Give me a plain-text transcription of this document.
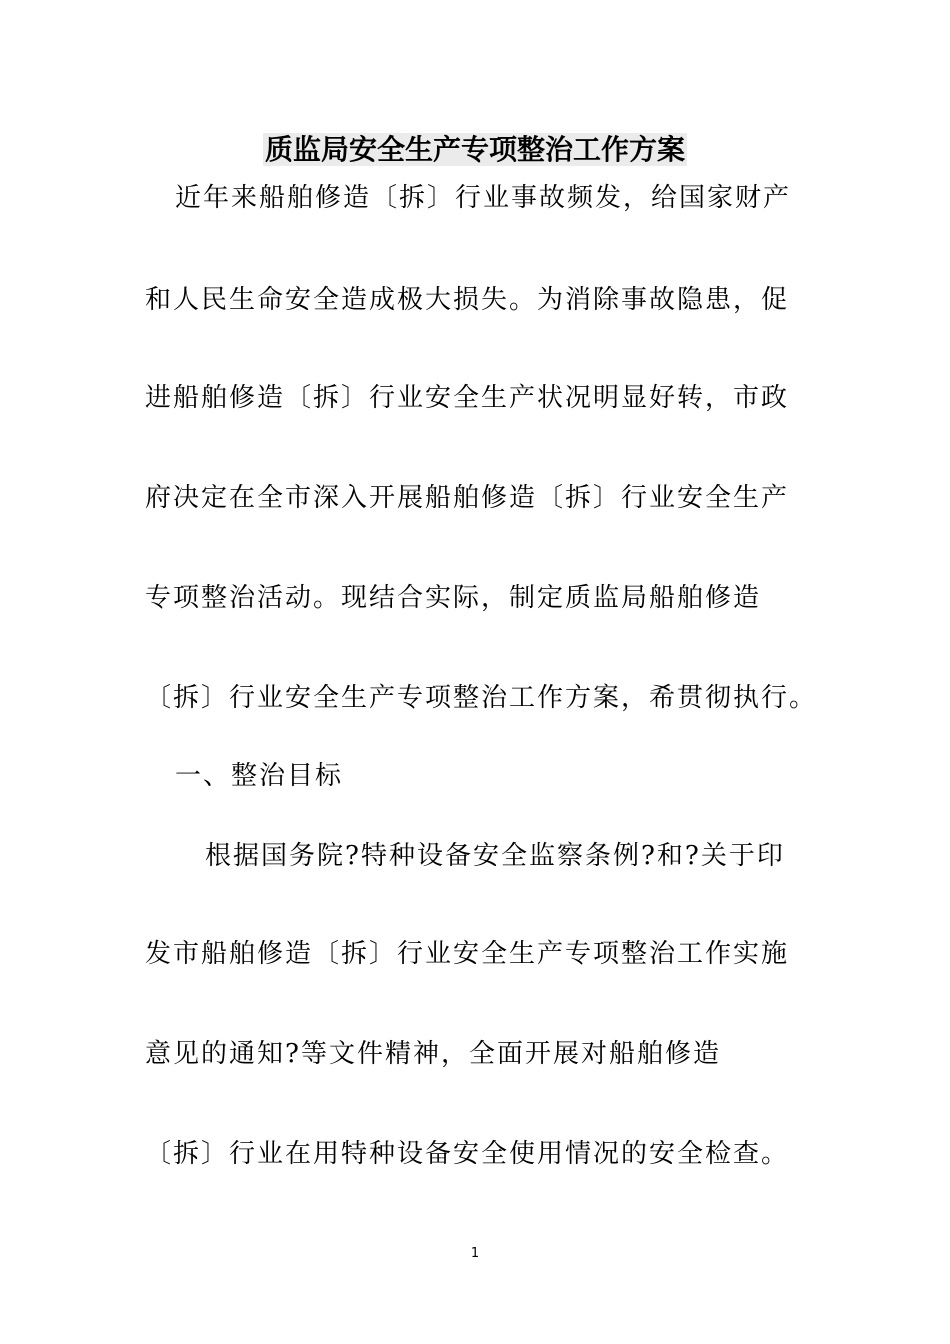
质监局安全生产专项整治工作方案
近年来船舶修造〔拆〕行业事故频发，给国家财产
和人民生命安全造成极大损失。为消除事故隐患，促
进船舶修造〔拆〕行业安全生产状况明显好转，市政
府决定在全市深入开展船舶修造〔拆〕行业安全生产
专项整治活动。现结合实际，制定质监局船舶修造
〔拆〕行业安全生产专项整治工作方案，希贯彻执行。
一、整治目标
根据国务院?特种设备安全监察条例?和?关于印
发市船舶修造〔拆〕行业安全生产专项整治工作实施
意见的通知?等文件精神，全面开展对船舶修造
〔拆〕行业在用特种设备安全使用情况的安全检查。
1
